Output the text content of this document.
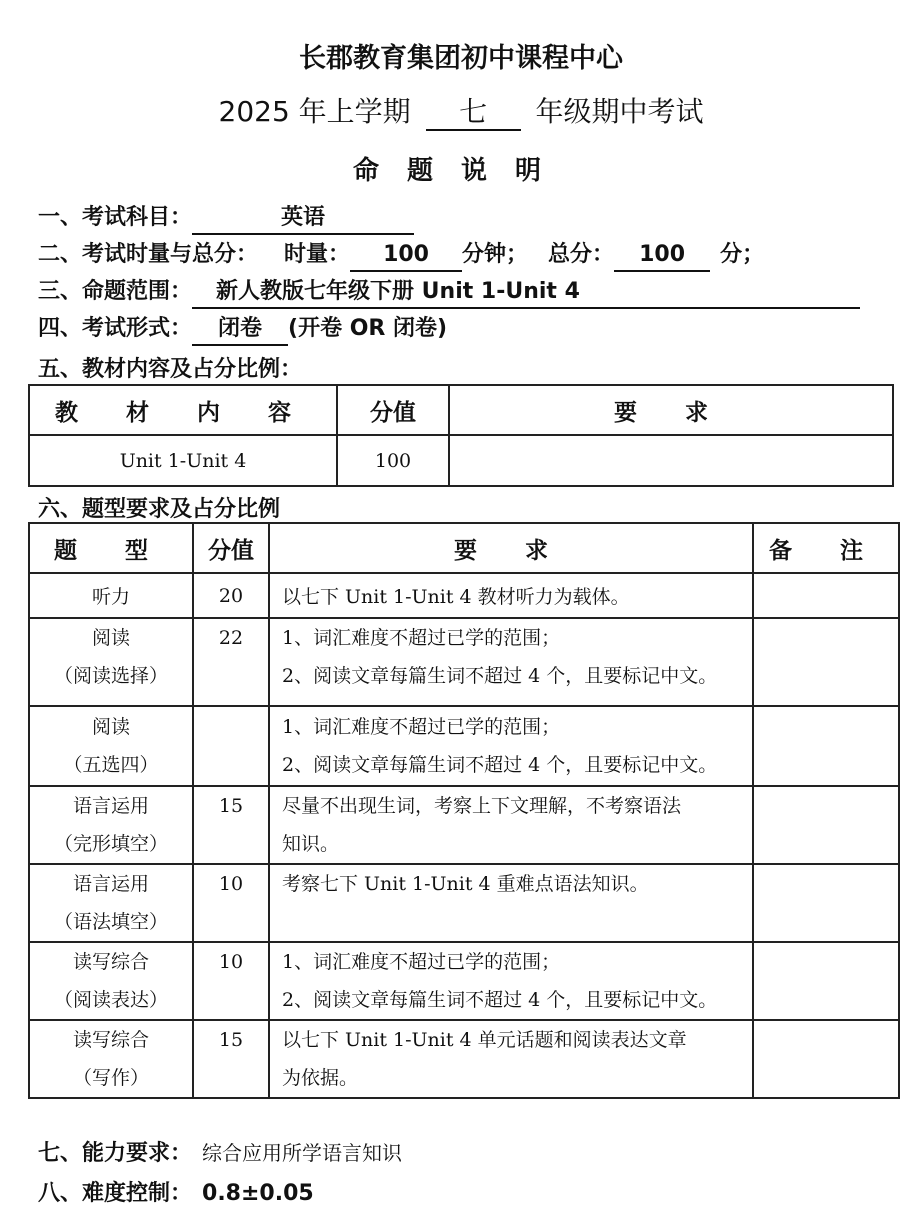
长郡教育集团初中课程中心
2025 年上学期 七 年级期中考试
命题说明
一、考试科目：	英语
二、考试时量与总分： 时量： 100 分钟； 总分： 100 分；
三、命题范围： 新人教版七年级下册 Unit 1-Unit 4
四、考试形式： 闭卷 (开卷 OR 闭卷)
五、教材内容及占分比例：
教 材 内 容	分值	要 求
Unit 1-Unit 4	100	
六、题型要求及占分比例
题 型	分值	要 求	备 注
听力	20	以七下 Unit 1-Unit 4 教材听力为载体。	

阅读
（阅读选择）	22	1、词汇难度不超过已学的范围；
2、阅读文章每篇生词不超过 4 个，且要标记中文。	

阅读
（五选四）		1、词汇难度不超过已学的范围；
2、阅读文章每篇生词不超过 4 个，且要标记中文。	

语言运用
（完形填空）	15	尽量不出现生词，考察上下文理解，不考察语法
知识。	

语言运用
（语法填空）	10	考察七下 Unit 1-Unit 4 重难点语法知识。	

读写综合
（阅读表达）	10	1、词汇难度不超过已学的范围；
2、阅读文章每篇生词不超过 4 个，且要标记中文。	

读写综合
（写作）	15	以七下 Unit 1-Unit 4 单元话题和阅读表达文章
为依据。	

七、能力要求： 综合应用所学语言知识
八、难度控制： 0.8±0.05
